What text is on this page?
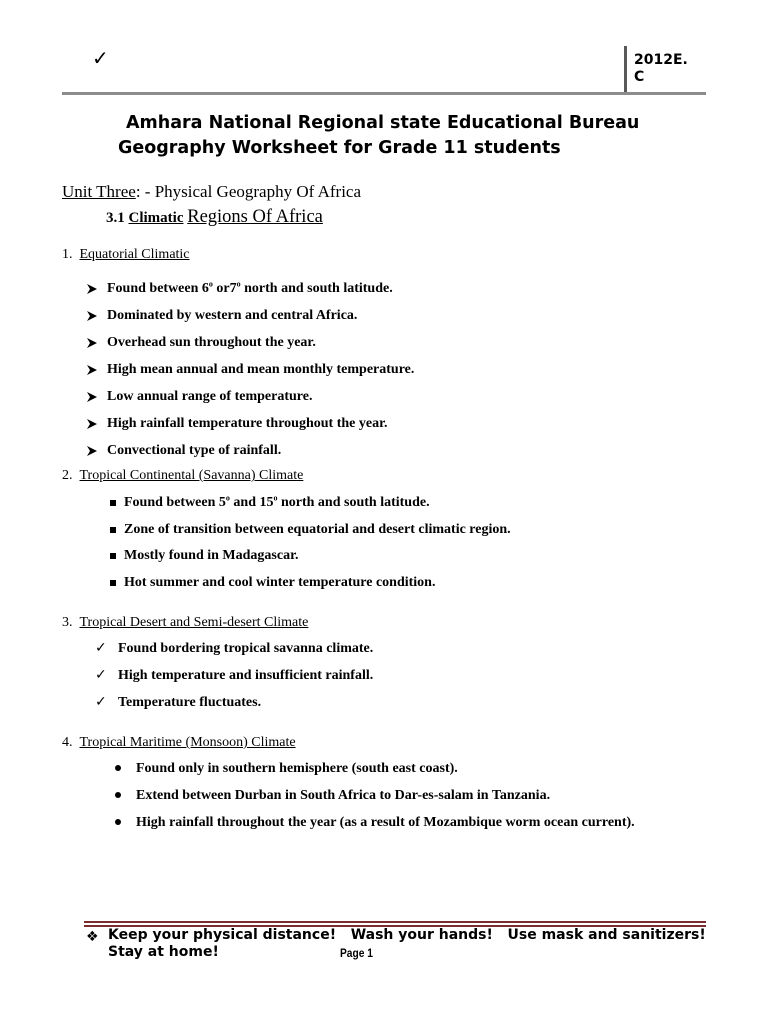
✓	2012E.
C
Amhara National Regional state Educational Bureau
Geography Worksheet for Grade 11 students
Unit Three: - Physical Geography Of Africa
3.1 Climatic Regions Of Africa
1. Equatorial Climatic
Found between 6$^o$ or7$^o$ north and south latitude.
Dominated by western and central Africa.
Overhead sun throughout the year.
High mean annual and mean monthly temperature.
Low annual range of temperature.
High rainfall temperature throughout the year.
Convectional type of rainfall.
Found between 5$^o$ and 15$^o$ north and south latitude.
Zone of transition between equatorial and desert climatic region.
Mostly found in Madagascar.
Hot summer and cool winter temperature condition.
2. Tropical Continental (Savanna) Climate
3. Tropical Desert and Semi-desert Climate
✓ Found bordering tropical savanna climate.
✓ High temperature and insufficient rainfall.
✓ Temperature fluctuates.
4. Tropical Maritime (Monsoon) Climate
Found only in southern hemisphere (south east coast).
Extend between Durban in South Africa to Dar-es-salam in Tanzania.
High rainfall throughout the year (as a result of Mozambique worm ocean current).
❖ Keep your physical distance!   Wash your hands!   Use mask and sanitizers!
Stay at home!	Page 1
